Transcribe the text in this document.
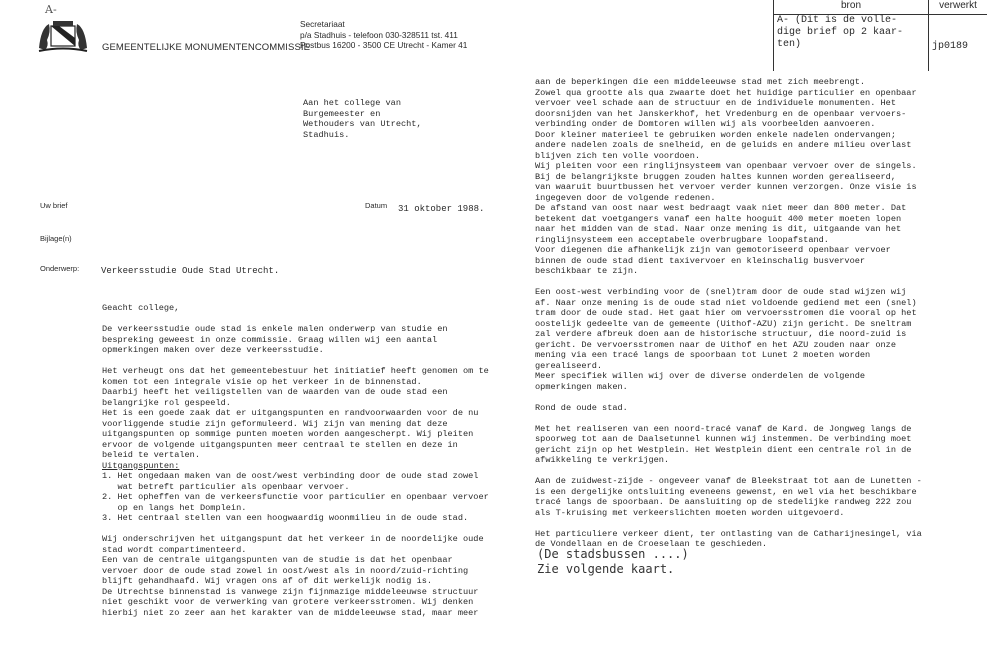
A-	bron	verwerkt
A- (Dit is de volle-
dige brief op 2 kaar-
ten)	jp0189
GEMEENTELIJKE MONUMENTENCOMMISSIE
Secretariaat
p/a Stadhuis - telefoon 030-328511 tst. 411
Postbus 16200 - 3500 CE Utrecht - Kamer 41
Aan het college van
Burgemeester en
Wethouders van Utrecht,
Stadhuis.
Uw brief
Bijlage(n)
Onderwerp: Verkeersstudie Oude Stad Utrecht.
Datum 31 oktober 1988.
Geacht college,

De verkeersstudie oude stad is enkele malen onderwerp van studie en
bespreking geweest in onze commissie. Graag willen wij een aantal
opmerkingen maken over deze verkeersstudie.

Het verheugt ons dat het gemeentebestuur het initiatief heeft genomen om te
komen tot een integrale visie op het verkeer in de binnenstad.
Daarbij heeft het veiligstellen van de waarden van de oude stad een
belangrijke rol gespeeld.
Het is een goede zaak dat er uitgangspunten en randvoorwaarden voor de nu
voorliggende studie zijn geformuleerd. Wij zijn van mening dat deze
uitgangspunten op sommige punten moeten worden aangescherpt. Wij pleiten
ervoor de volgende uitgangspunten meer centraal te stellen en deze in
beleid te vertalen.

Uitgangspunten:
1. Het ongedaan maken van de oost/west verbinding door de oude stad zowel
wat betreft particulier als openbaar vervoer.
2. Het opheffen van de verkeersfunctie voor particulier en openbaar vervoer
op en langs het Domplein.
3. Het centraal stellen van een hoogwaardig woonmilieu in de oude stad.

Wij onderschrijven het uitgangspunt dat het verkeer in de noordelijke oude
stad wordt compartimenteerd.
Een van de centrale uitgangspunten van de studie is dat het openbaar
vervoer door de oude stad zowel in oost/west als in noord/zuid-richting
blijft gehandhaafd. Wij vragen ons af of dit werkelijk nodig is.
De Utrechtse binnenstad is vanwege zijn fijnmazige middeleeuwse structuur
niet geschikt voor de verwerking van grotere verkeersstromen. Wij denken
hierbij niet zo zeer aan het karakter van de middeleeuwse stad, maar meer
aan de beperkingen die een middeleeuwse stad met zich meebrengt.
Zowel qua grootte als qua zwaarte doet het huidige particulier en openbaar
vervoer veel schade aan de structuur en de individuele monumenten. Het
doorsnijden van het Janskerkhof, het Vredenburg en de openbaar vervoers-
verbinding onder de Domtoren willen wij als voorbeelden aanvoeren.
Door kleiner materieel te gebruiken worden enkele nadelen ondervangen;
andere nadelen zoals de snelheid, en de geluids en andere milieu overlast
blijven zich ten volle voordoen.
Wij pleiten voor een ringlijnsysteem van openbaar vervoer over de singels.
Bij de belangrijkste bruggen zouden haltes kunnen worden gerealiseerd,
van waaruit buurtbussen het vervoer verder kunnen verzorgen. Onze visie is
ingegeven door de volgende redenen.
De afstand van oost naar west bedraagt vaak niet meer dan 800 meter. Dat
betekent dat voetgangers vanaf een halte hooguit 400 meter moeten lopen
naar het midden van de stad. Naar onze mening is dit, uitgaande van het
ringlijnsysteem een acceptabele overbrugbare loopafstand.
Voor diegenen die afhankelijk zijn van gemotoriseerd openbaar vervoer
binnen de oude stad dient taxivervoer en kleinschalig busvervoer
beschikbaar te zijn.

Een oost-west verbinding voor de (snel)tram door de oude stad wijzen wij
af. Naar onze mening is de oude stad niet voldoende gediend met een (snel)
tram door de oude stad. Het gaat hier om vervoersstromen die vooral op het
oostelijk gedeelte van de gemeente (Uithof-AZU) zijn gericht. De sneltram
zal verdere afbreuk doen aan de historische structuur, die noord-zuid is
gericht. De vervoersstromen naar de Uithof en het AZU zouden naar onze
mening via een tracé langs de spoorbaan tot Lunet 2 moeten worden
gerealiseerd.
Meer specifiek willen wij over de diverse onderdelen de volgende
opmerkingen maken.

Rond de oude stad.

Met het realiseren van een noord-tracé vanaf de Kard. de Jongweg langs de
spoorweg tot aan de Daalsetunnel kunnen wij instemmen. De verbinding moet
gericht zijn op het Westplein. Het Westplein dient een centrale rol in de
afwikkeling te verkrijgen.

Aan de zuidwest-zijde - ongeveer vanaf de Bleekstraat tot aan de Lunetten -
is een dergelijke ontsluiting eveneens gewenst, en wel via het beschikbare
tracé langs de spoorbaan. De aansluiting op de stedelijke randweg 222 zou
als T-kruising met verkeerslichten moeten worden uitgevoerd.

Het particuliere verkeer dient, ter ontlasting van de Catharijnesingel, via
de Vondellaan en de Croeselaan te geschieden.
(De stadsbussen ....)
Zie volgende kaart.
